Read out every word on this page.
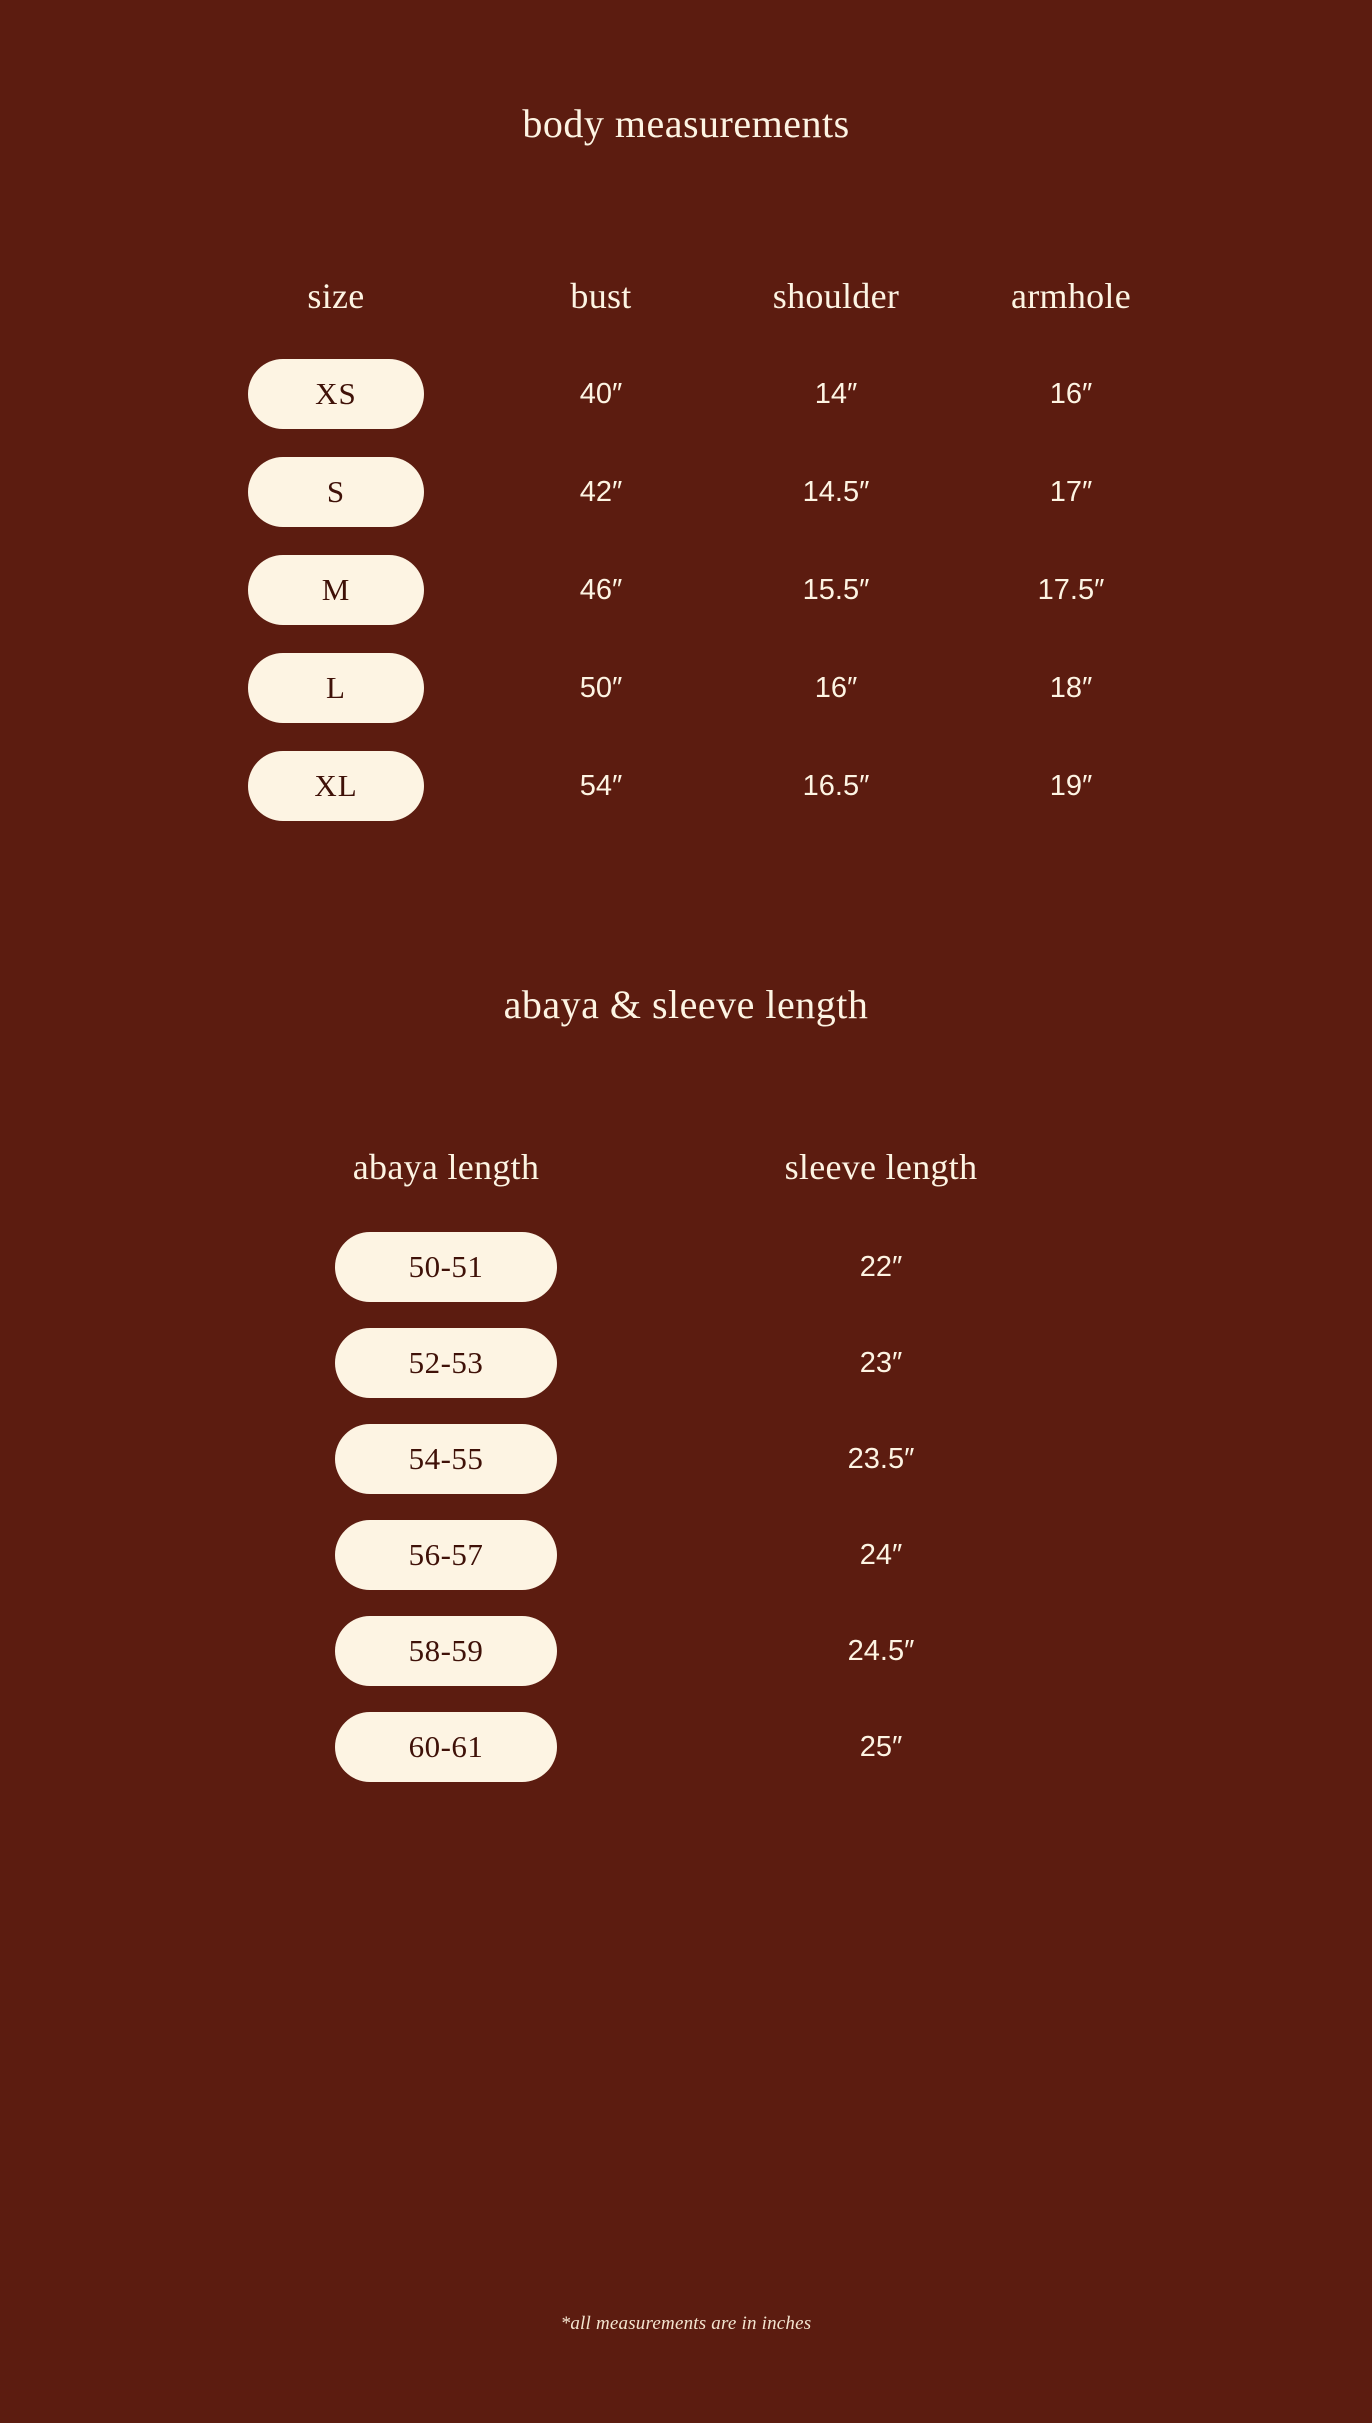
body measurements
size	bust	shoulder	armhole
XS	40″	14″	16″
S	42″	14.5″	17″
M	46″	15.5″	17.5″
L	50″	16″	18″
XL	54″	16.5″	19″
abaya & sleeve length
abaya length	sleeve length
50-51	22″
52-53	23″
54-55	23.5″
56-57	24″
58-59	24.5″
60-61	25″
*all measurements are in inches
